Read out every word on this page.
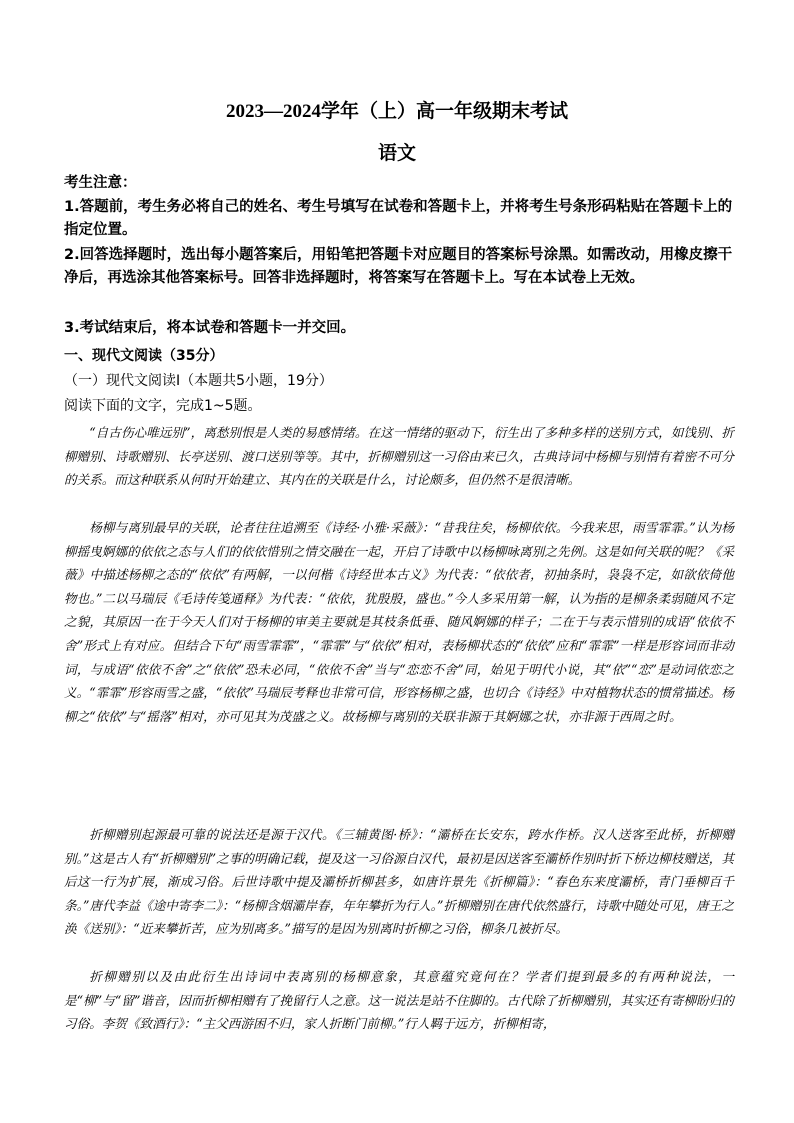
2023—2024学年（上）高一年级期末考试
语文
考生注意：
1.答题前，考生务必将自己的姓名、考生号填写在试卷和答题卡上，并将考生号条形码粘贴在答题卡上的指定位置。
2.回答选择题时，选出每小题答案后，用铅笔把答题卡对应题目的答案标号涂黑。如需改动，用橡皮擦干净后，再选涂其他答案标号。回答非选择题时，将答案写在答题卡上。写在本试卷上无效。
3.考试结束后，将本试卷和答题卡一并交回。
一、现代文阅读（35分）
（一）现代文阅读Ⅰ（本题共5小题，19分）
阅读下面的文字，完成1~5题。

“自古伤心唯远别”，离愁别恨是人类的易感情绪。在这一情绪的驱动下，衍生出了多种多样的送别方式，如饯别、折柳赠别、诗歌赠别、长亭送别、渡口送别等等。其中，折柳赠别这一习俗由来已久，古典诗词中杨柳与别情有着密不可分的关系。而这种联系从何时开始建立、其内在的关联是什么，讨论颇多，但仍然不是很清晰。

杨柳与离别最早的关联，论者往往追溯至《诗经·小雅·采薇》：“昔我往矣，杨柳依依。今我来思，雨雪霏霏。”认为杨柳摇曳婀娜的依依之态与人们的依依惜别之情交融在一起，开启了诗歌中以杨柳咏离别之先例。这是如何关联的呢？《采薇》中描述杨柳之态的“依依”有两解，一以何楷《诗经世本古义》为代表：“依依者，初抽条时，袅袅不定，如欲依倚他物也。”二以马瑞辰《毛诗传笺通释》为代表：“依依，犹殷殷，盛也。”今人多采用第一解，认为指的是柳条柔弱随风不定之貌，其原因一在于今天人们对于杨柳的审美主要就是其枝条低垂、随风婀娜的样子；二在于与表示惜别的成语“依依不舍”形式上有对应。但结合下句“雨雪霏霏”，“霏霏”与“依依”相对，表杨柳状态的“依依”应和“霏霏”一样是形容词而非动词，与成语“依依不舍”之“依依”恐未必同，“依依不舍”当与“恋恋不舍”同，始见于明代小说，其“依”“恋”是动词依恋之义。“霏霏”形容雨雪之盛，“依依”马瑞辰考释也非常可信，形容杨柳之盛，也切合《诗经》中对植物状态的惯常描述。杨柳之“依依”与“摇落”相对，亦可见其为茂盛之义。故杨柳与离别的关联非源于其婀娜之状，亦非源于西周之时。

折柳赠别起源最可靠的说法还是源于汉代。《三辅黄图·桥》：“灞桥在长安东，跨水作桥。汉人送客至此桥，折柳赠别。”这是古人有“折柳赠别”之事的明确记载，提及这一习俗源自汉代，最初是因送客至灞桥作别时折下桥边柳枝赠送，其后这一行为扩展，渐成习俗。后世诗歌中提及灞桥折柳甚多，如唐许景先《折柳篇》：“春色东来度灞桥，青门垂柳百千条。”唐代李益《途中寄李二》：“杨柳含烟灞岸春，年年攀折为行人。”折柳赠别在唐代依然盛行，诗歌中随处可见，唐王之涣《送别》：“近来攀折苦，应为别离多。”描写的是因为别离时折柳之习俗，柳条几被折尽。

折柳赠别以及由此衍生出诗词中表离别的杨柳意象，其意蕴究竟何在？学者们提到最多的有两种说法，一是“柳”与“留”谐音，因而折柳相赠有了挽留行人之意。这一说法是站不住脚的。古代除了折柳赠别，其实还有寄柳盼归的习俗。李贺《致酒行》：“主父西游困不归，家人折断门前柳。”行人羁于远方，折柳相寄，
